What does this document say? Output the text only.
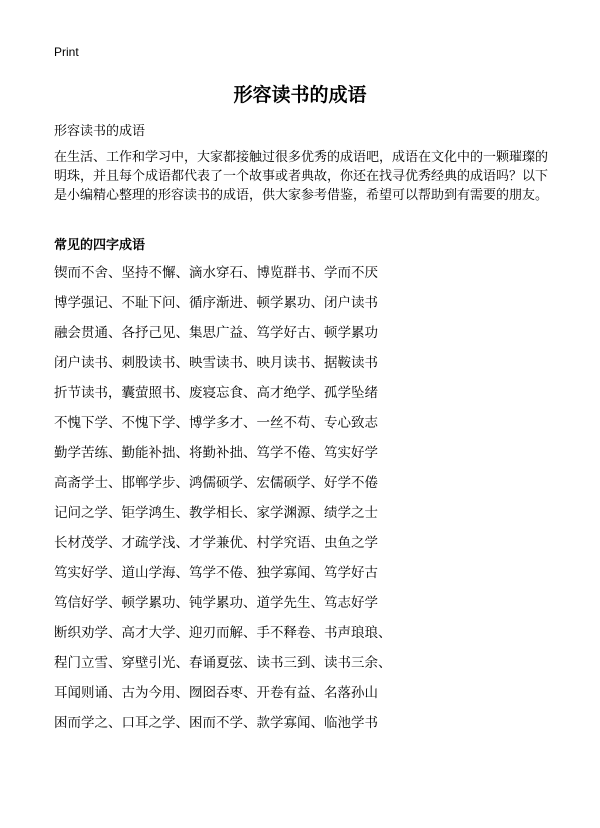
Print
形容读书的成语
形容读书的成语

在生活、工作和学习中，大家都接触过很多优秀的成语吧，成语在文化中的一颗璀璨的明珠，并且每个成语都代表了一个故事或者典故，你还在找寻优秀经典的成语吗？以下是小编精心整理的形容读书的成语，供大家参考借鉴，希望可以帮助到有需要的朋友。

常见的四字成语
锲而不舍、坚持不懈、滴水穿石、博览群书、学而不厌
博学强记、不耻下问、循序渐进、顿学累功、闭户读书
融会贯通、各抒己见、集思广益、笃学好古、顿学累功
闭户读书、刺股读书、映雪读书、映月读书、据鞍读书
折节读书，囊萤照书、废寝忘食、高才绝学、孤学坠绪
不愧下学、不愧下学、博学多才、一丝不苟、专心致志
勤学苦练、勤能补拙、将勤补拙、笃学不倦、笃实好学
高斋学士、邯郸学步、鸿儒硕学、宏儒硕学、好学不倦
记问之学、钜学鸿生、教学相长、家学渊源、绩学之士
长材茂学、才疏学浅、才学兼优、村学究语、虫鱼之学
笃实好学、道山学海、笃学不倦、独学寡闻、笃学好古
笃信好学、顿学累功、钝学累功、道学先生、笃志好学
断织劝学、高才大学、迎刃而解、手不释卷、书声琅琅、
程门立雪、穿壁引光、春诵夏弦、读书三到、读书三余、
耳闻则诵、古为今用、囫囵吞枣、开卷有益、名落孙山
困而学之、口耳之学、困而不学、款学寡闻、临池学书
